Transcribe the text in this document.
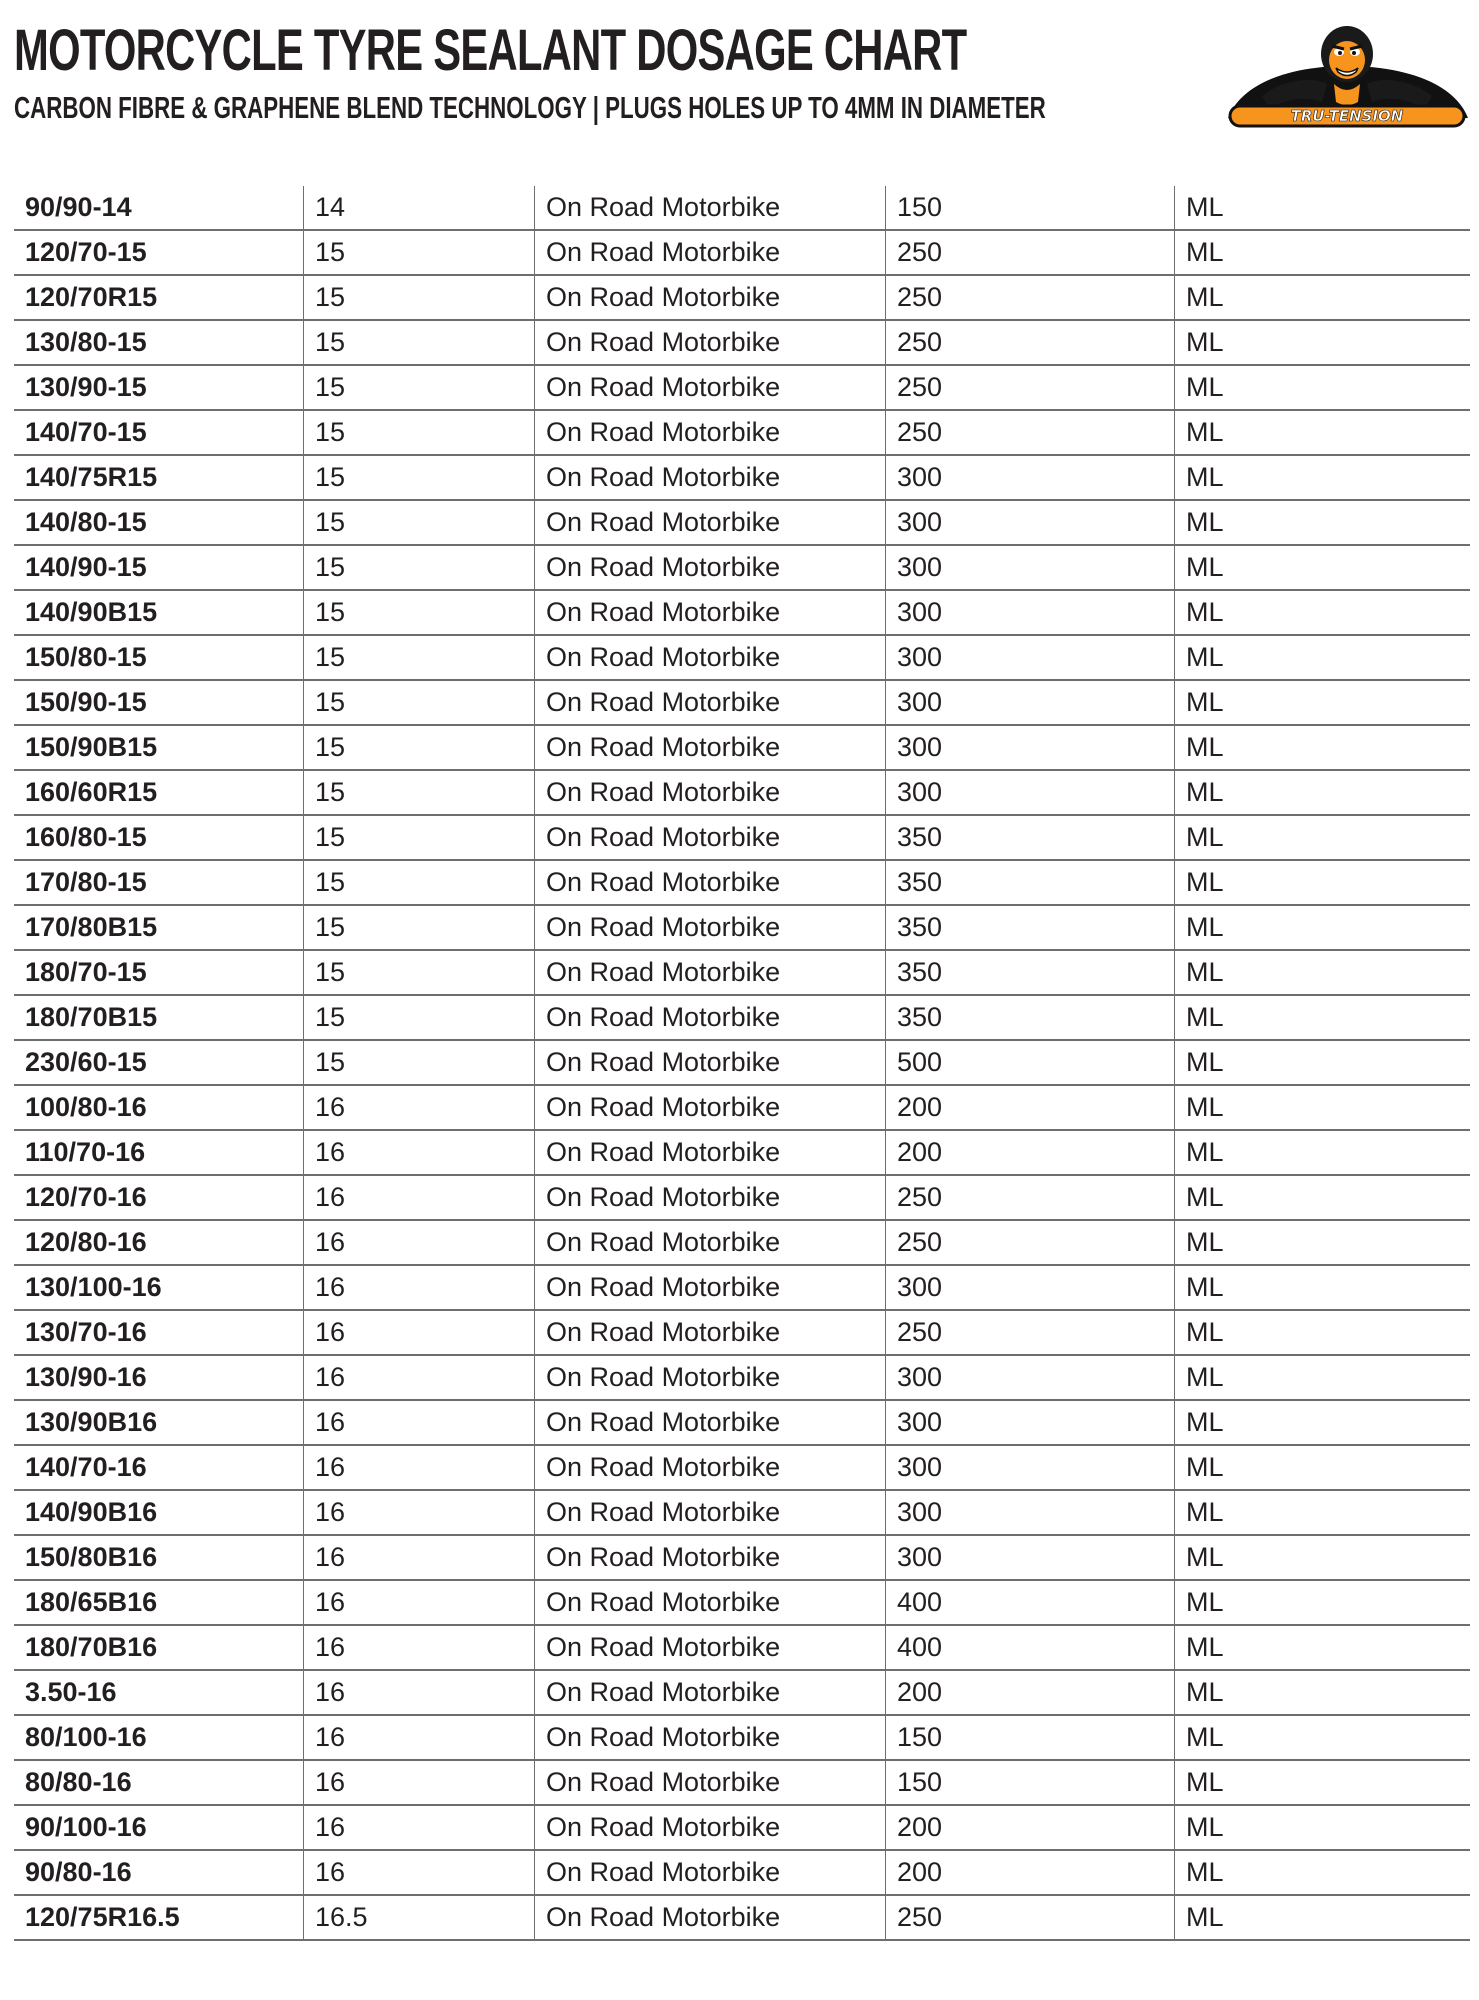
MOTORCYCLE TYRE SEALANT DOSAGE CHART
CARBON FIBRE & GRAPHENE BLEND TECHNOLOGY | PLUGS HOLES UP TO 4MM IN DIAMETER	TRU-TENSION
90/90-14	14	On Road Motorbike	150	ML
120/70-15	15	On Road Motorbike	250	ML
120/70R15	15	On Road Motorbike	250	ML
130/80-15	15	On Road Motorbike	250	ML
130/90-15	15	On Road Motorbike	250	ML
140/70-15	15	On Road Motorbike	250	ML
140/75R15	15	On Road Motorbike	300	ML
140/80-15	15	On Road Motorbike	300	ML
140/90-15	15	On Road Motorbike	300	ML
140/90B15	15	On Road Motorbike	300	ML
150/80-15	15	On Road Motorbike	300	ML
150/90-15	15	On Road Motorbike	300	ML
150/90B15	15	On Road Motorbike	300	ML
160/60R15	15	On Road Motorbike	300	ML
160/80-15	15	On Road Motorbike	350	ML
170/80-15	15	On Road Motorbike	350	ML
170/80B15	15	On Road Motorbike	350	ML
180/70-15	15	On Road Motorbike	350	ML
180/70B15	15	On Road Motorbike	350	ML
230/60-15	15	On Road Motorbike	500	ML
100/80-16	16	On Road Motorbike	200	ML
110/70-16	16	On Road Motorbike	200	ML
120/70-16	16	On Road Motorbike	250	ML
120/80-16	16	On Road Motorbike	250	ML
130/100-16	16	On Road Motorbike	300	ML
130/70-16	16	On Road Motorbike	250	ML
130/90-16	16	On Road Motorbike	300	ML
130/90B16	16	On Road Motorbike	300	ML
140/70-16	16	On Road Motorbike	300	ML
140/90B16	16	On Road Motorbike	300	ML
150/80B16	16	On Road Motorbike	300	ML
180/65B16	16	On Road Motorbike	400	ML
180/70B16	16	On Road Motorbike	400	ML
3.50-16	16	On Road Motorbike	200	ML
80/100-16	16	On Road Motorbike	150	ML
80/80-16	16	On Road Motorbike	150	ML
90/100-16	16	On Road Motorbike	200	ML
90/80-16	16	On Road Motorbike	200	ML
120/75R16.5	16.5	On Road Motorbike	250	ML
